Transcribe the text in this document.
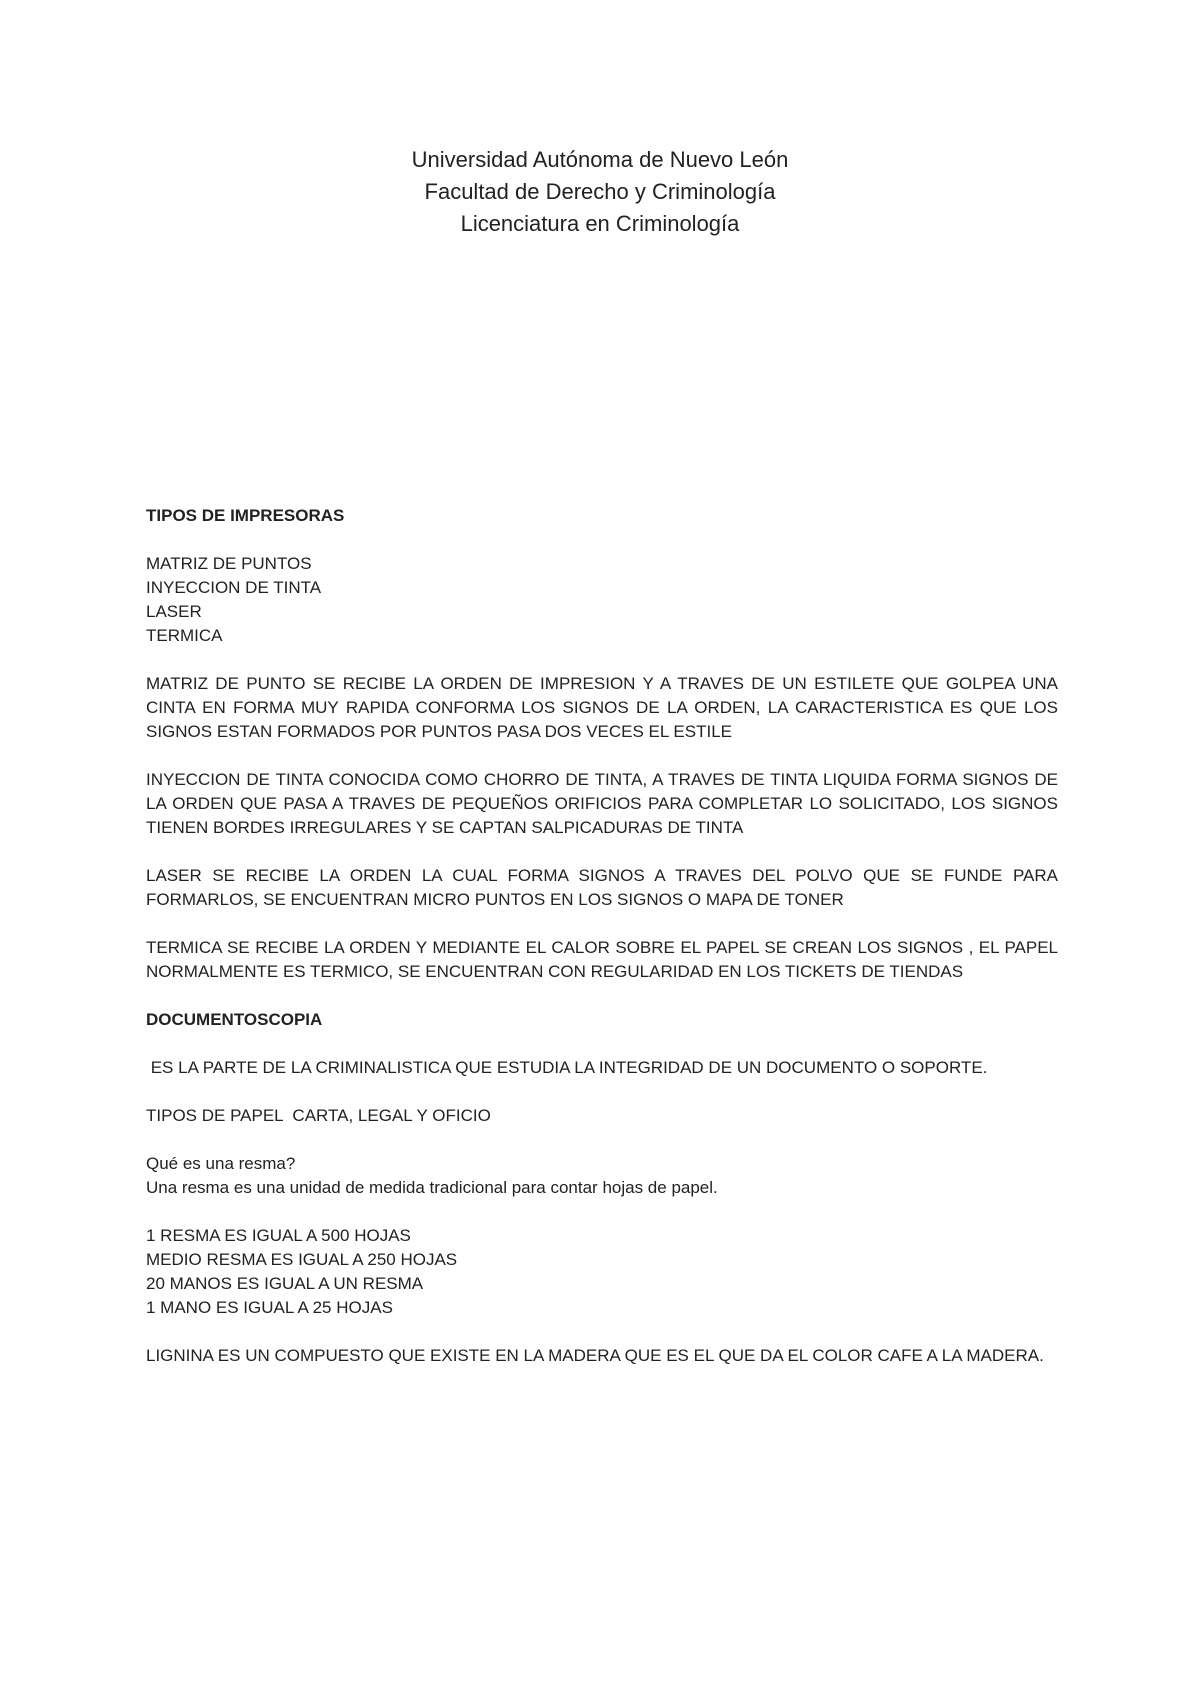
Universidad Autónoma de Nuevo León
Facultad de Derecho y Criminología
Licenciatura en Criminología

TIPOS DE IMPRESORAS

MATRIZ DE PUNTOS
INYECCION DE TINTA
LASER
TERMICA

MATRIZ DE PUNTO SE RECIBE LA ORDEN DE IMPRESION Y A TRAVES DE UN ESTILETE QUE GOLPEA UNA CINTA EN FORMA MUY RAPIDA CONFORMA LOS SIGNOS DE LA ORDEN, LA CARACTERISTICA ES QUE LOS SIGNOS ESTAN FORMADOS POR PUNTOS PASA DOS VECES EL ESTILE

INYECCION DE TINTA CONOCIDA COMO CHORRO DE TINTA, A TRAVES DE TINTA LIQUIDA FORMA SIGNOS DE LA ORDEN QUE PASA A TRAVES DE PEQUEÑOS ORIFICIOS PARA COMPLETAR LO SOLICITADO, LOS SIGNOS TIENEN BORDES IRREGULARES Y SE CAPTAN SALPICADURAS DE TINTA

LASER SE RECIBE LA ORDEN LA CUAL FORMA SIGNOS A TRAVES DEL POLVO QUE SE FUNDE PARA FORMARLOS, SE ENCUENTRAN MICRO PUNTOS EN LOS SIGNOS O MAPA DE TONER

TERMICA SE RECIBE LA ORDEN Y MEDIANTE EL CALOR SOBRE EL PAPEL SE CREAN LOS SIGNOS , EL PAPEL NORMALMENTE ES TERMICO, SE ENCUENTRAN CON REGULARIDAD EN LOS TICKETS DE TIENDAS

DOCUMENTOSCOPIA

ES LA PARTE DE LA CRIMINALISTICA QUE ESTUDIA LA INTEGRIDAD DE UN DOCUMENTO O SOPORTE.

TIPOS DE PAPEL  CARTA, LEGAL Y OFICIO

Qué es una resma?
Una resma es una unidad de medida tradicional para contar hojas de papel.
1 RESMA ES IGUAL A 500 HOJAS
MEDIO RESMA ES IGUAL A 250 HOJAS
20 MANOS ES IGUAL A UN RESMA
1 MANO ES IGUAL A 25 HOJAS

LIGNINA ES UN COMPUESTO QUE EXISTE EN LA MADERA QUE ES EL QUE DA EL COLOR CAFE A LA MADERA.
